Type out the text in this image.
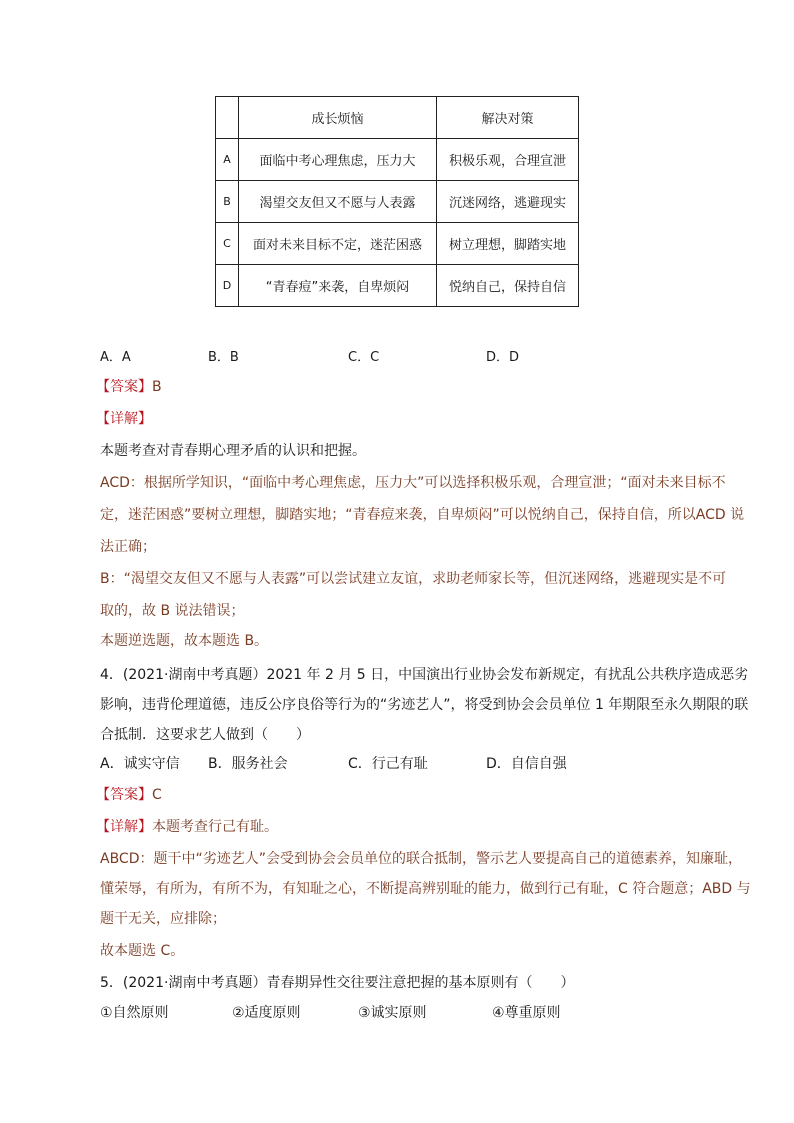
	成长烦恼	解决对策
A	面临中考心理焦虑，压力大	积极乐观，合理宣泄
B	渴望交友但又不愿与人表露	沉迷网络，逃避现实
C	面对未来目标不定，迷茫困惑	树立理想，脚踏实地
D	“青春痘”来袭，自卑烦闷	悦纳自己，保持自信
A．A	B．B	C．C	D．D
【答案】B
【详解】
本题考查对青春期心理矛盾的认识和把握。
ACD：根据所学知识，“面临中考心理焦虑，压力大”可以选择积极乐观，合理宣泄；“面对未来目标不
定，迷茫困惑”要树立理想，脚踏实地；“青春痘来袭，自卑烦闷”可以悦纳自己，保持自信，所以ACD 说
法正确；
B：“渴望交友但又不愿与人表露”可以尝试建立友谊，求助老师家长等，但沉迷网络，逃避现实是不可
取的，故 B 说法错误；
本题逆选题，故本题选 B。
4．(2021·湖南中考真题）2021 年 2 月 5 日，中国演出行业协会发布新规定，有扰乱公共秩序造成恶劣
影响，违背伦理道德，违反公序良俗等行为的“劣迹艺人”，将受到协会会员单位 1 年期限至永久期限的联
合抵制．这要求艺人做到（　　）
A．诚实守信 B．服务社会	C．行己有耻	D．自信自强
【答案】C
【详解】本题考查行己有耻。
ABCD：题干中“劣迹艺人”会受到协会会员单位的联合抵制，警示艺人要提高自己的道德素养，知廉耻，
懂荣辱，有所为，有所不为，有知耻之心，不断提高辨别耻的能力，做到行己有耻，C 符合题意；ABD 与
题干无关，应排除；
故本题选 C。
5．(2021·湖南中考真题）青春期异性交往要注意把握的基本原则有（　　）
①自然原则	②适度原则	③诚实原则	④尊重原则
